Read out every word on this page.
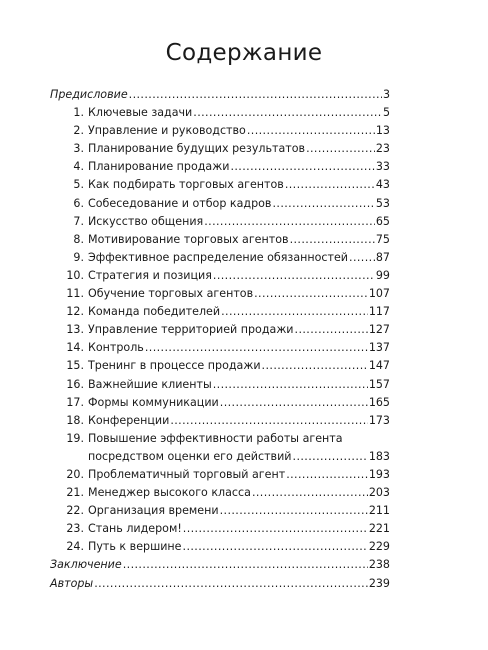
Содержание
Предисловие .....	3
1. Ключевые задачи .....	5
2. Управление и руководство .....	13
3. Планирование будущих результатов .....	23
4. Планирование продажи .....	33
5. Как подбирать торговых агентов .....	43
6. Собеседование и отбор кадров .....	53
7. Искусство общения .....	65
8. Мотивирование торговых агентов .....	75
9. Эффективное распределение обязанностей .....	87
10. Стратегия и позиция .....	99
11. Обучение торговых агентов .....	107
12. Команда победителей .....	117
13. Управление территорией продажи .....	127
14. Контроль .....	137
15. Тренинг в процессе продажи .....	147
16. Важнейшие клиенты .....	157
17. Формы коммуникации .....	165
18. Конференции .....	173
19. Повышение эффективности работы агента
посредством оценки его действий .....	183
20. Проблематичный торговый агент .....	193
21. Менеджер высокого класса .....	203
22. Организация времени .....	211
23. Стань лидером! .....	221
24. Путь к вершине .....	229
Заключение .....	238
Авторы .....	239
